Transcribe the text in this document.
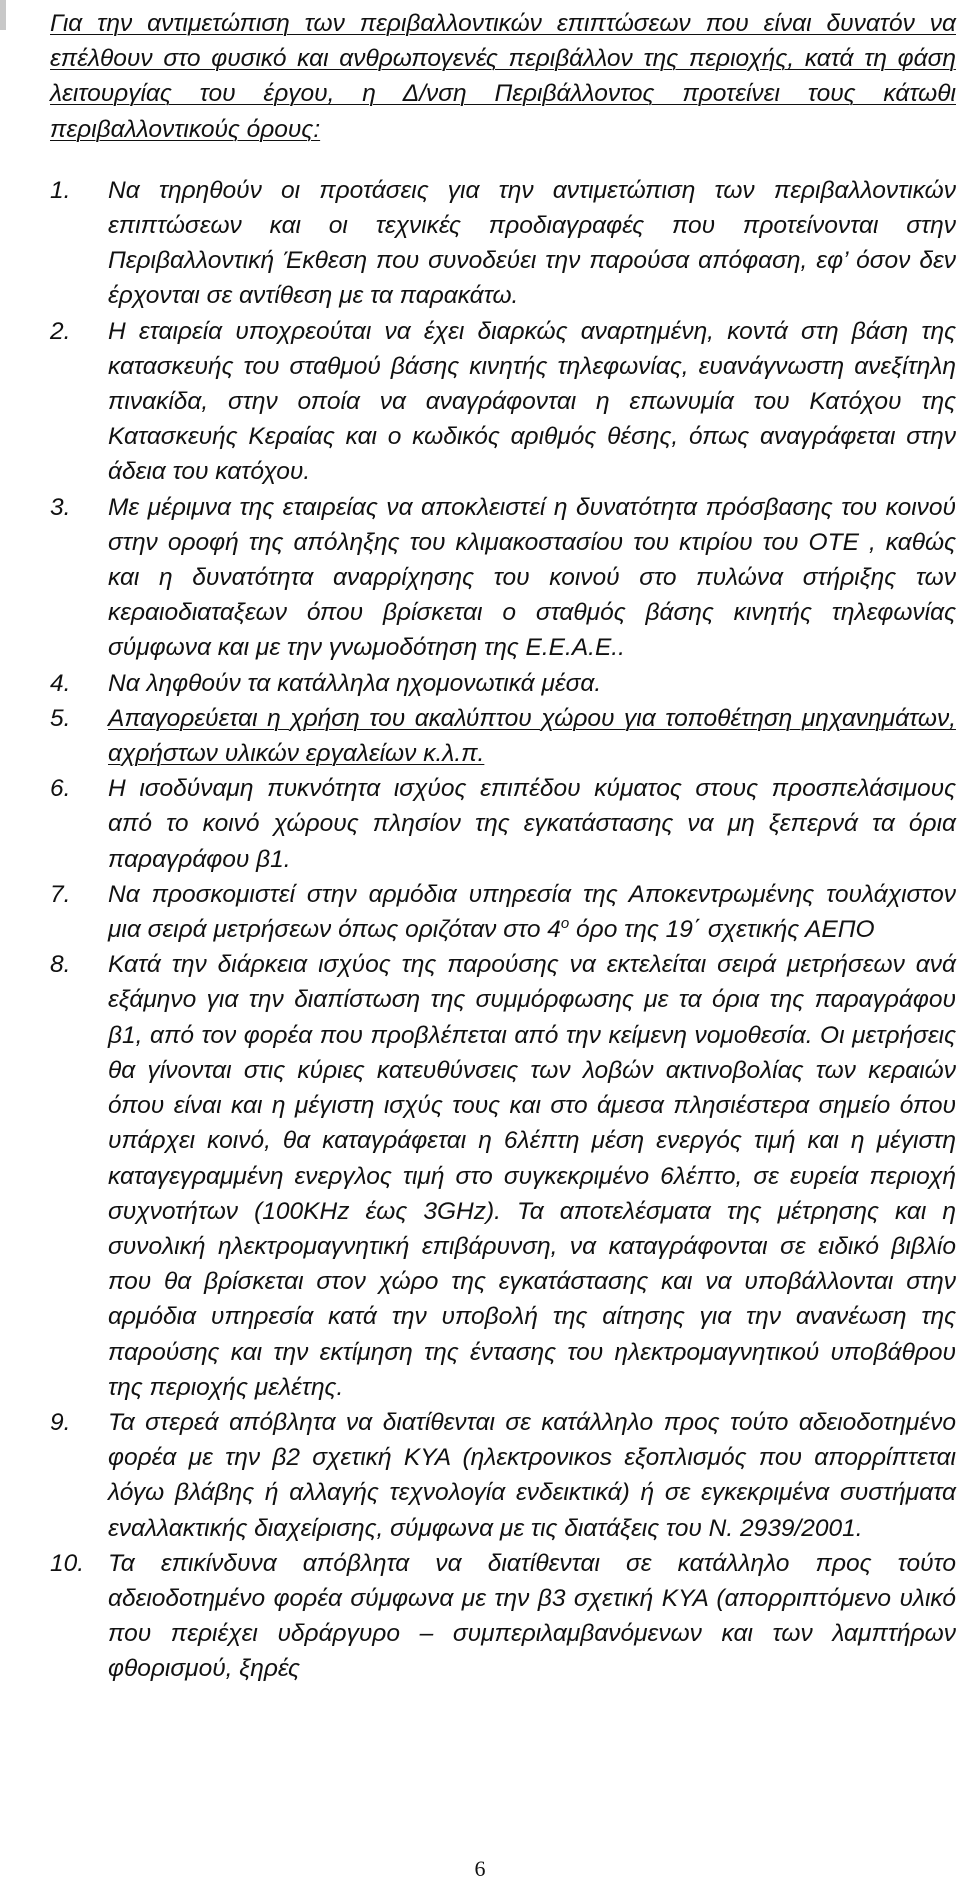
Για την αντιμετώπιση των περιβαλλοντικών επιπτώσεων που είναι δυνατόν να επέλθουν στο φυσικό και ανθρωπογενές περιβάλλον της περιοχής, κατά τη φάση λειτουργίας του έργου, η Δ/νση Περιβάλλοντος προτείνει τους κάτωθι περιβαλλοντικούς όρους:

1.	Να τηρηθούν οι προτάσεις για την αντιμετώπιση των περιβαλλοντικών επιπτώσεων και οι τεχνικές προδιαγραφές που προτείνονται στην Περιβαλλοντική Έκθεση που συνοδεύει την παρούσα απόφαση, εφ’ όσον δεν έρχονται σε αντίθεση με τα παρακάτω.
2.	Η εταιρεία υποχρεούται να έχει διαρκώς αναρτημένη, κοντά στη βάση της κατασκευής του σταθμού βάσης κινητής τηλεφωνίας, ευανάγνωστη ανεξίτηλη πινακίδα, στην οποία να αναγράφονται η επωνυμία του Κατόχου της Κατασκευής Κεραίας και ο κωδικός αριθμός θέσης, όπως αναγράφεται στην άδεια του κατόχου.
3.	Με μέριμνα της εταιρείας να αποκλειστεί η δυνατότητα πρόσβασης του κοινού στην οροφή της απόληξης του κλιμακοστασίου του κτιρίου του ΟΤΕ , καθώς και η δυνατότητα αναρρίχησης του κοινού στο πυλώνα στήριξης των κεραιοδιαταξεων όπου βρίσκεται ο σταθμός βάσης κινητής τηλεφωνίας σύμφωνα και με την γνωμοδότηση της Ε.Ε.Α.Ε..
4.	Να ληφθούν τα κατάλληλα ηχομονωτικά μέσα.
5.	Απαγορεύεται η χρήση του ακαλύπτου χώρου για τοποθέτηση μηχανημάτων, αχρήστων υλικών εργαλείων κ.λ.π.
6.	Η ισοδύναμη πυκνότητα ισχύος επιπέδου κύματος στους προσπελάσιμους από το κοινό χώρους πλησίον της εγκατάστασης να μη ξεπερνά τα όρια παραγράφου β1.
7.	Να προσκομιστεί στην αρμόδια υπηρεσία της Αποκεντρωμένης τουλάχιστον μια σειρά μετρήσεων όπως οριζόταν στο $4^o$ όρο της 19΄ σχετικής ΑΕΠΟ
8.	Κατά την διάρκεια ισχύος της παρούσης να εκτελείται σειρά μετρήσεων ανά εξάμηνο για την διαπίστωση της συμμόρφωσης με τα όρια της παραγράφου β1, από τον φορέα που προβλέπεται από την κείμενη νομοθεσία. Οι μετρήσεις θα γίνονται στις κύριες κατευθύνσεις των λοβών ακτινοβολίας των κεραιών όπου είναι και η μέγιστη ισχύς τους και στο άμεσα πλησιέστερα σημείο όπου υπάρχει κοινό, θα καταγράφεται η 6λέπτη μέση ενεργός τιμή και η μέγιστη καταγεγραμμένη ενεργλος τιμή στο συγκεκριμένο 6λέπτο, σε ευρεία περιοχή συχνοτήτων (100KHz έως 3GHz). Τα αποτελέσματα της μέτρησης και η συνολική ηλεκτρομαγνητική επιβάρυνση, να καταγράφονται σε ειδικό βιβλίο που θα βρίσκεται στον χώρο της εγκατάστασης και να υποβάλλονται στην αρμόδια υπηρεσία κατά την υποβολή της αίτησης για την ανανέωση της παρούσης και την εκτίμηση της έντασης του ηλεκτρομαγνητικού υποβάθρου της περιοχής μελέτης.
9.	Τα στερεά απόβλητα να διατίθενται σε κατάλληλο προς τούτο αδειοδοτημένο φορέα με την β2 σχετική ΚΥΑ (ηλεκτρονικos εξοπλισμός που απορρίπτεται λόγω βλάβης ή αλλαγής τεχνολογία ενδεικτικά) ή σε εγκεκριμένα συστήματα εναλλακτικής διαχείρισης, σύμφωνα με τις διατάξεις του Ν. 2939/2001.
10. Τα επικίνδυνα απόβλητα να διατίθενται σε κατάλληλο προς τούτο αδειοδοτημένο φορέα σύμφωνα με την β3 σχετική ΚΥΑ (απορριπτόμενο υλικό που περιέχει υδράργυρο – συμπεριλαμβανόμενων και των λαμπτήρων φθορισμού, ξηρές
6
